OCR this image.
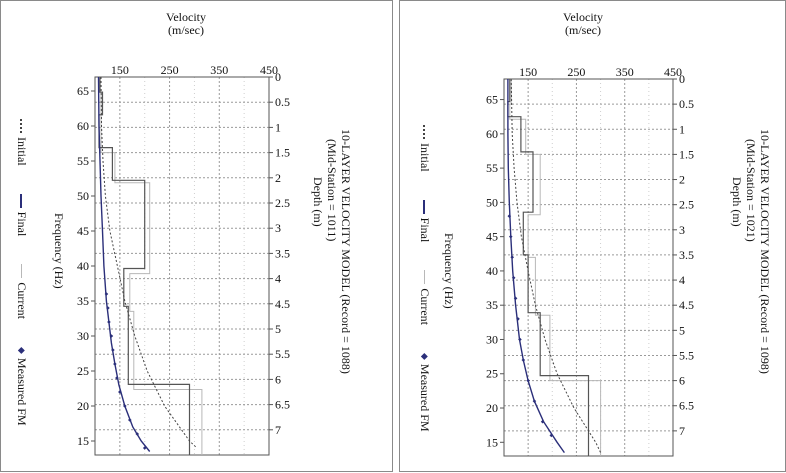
Velocity
(m/sec)
150	250	350	450
0
0.5
1
1.5
2
2.5
3
3.5
4
4.5
5
5.5
6
6.5
7
65
60
55
50
45
40
35
30
25
20
15
Frequency (Hz)
Initial
Final
Current
◆
Measured FM
10-LAYER VELOCITY MODEL (Record = 1088)
(Mid-Station = 1011)
Depth (m)
Velocity
(m/sec)
150	250	350	450
0
0.5
1
1.5
2
2.5
3
3.5
4
4.5
5
5.5
6
6.5
7
65
60
55
50
45
40
35
30
25
20
15
Frequency (Hz)
Initial
Final
Current
◆
Measured FM
10-LAYER VELOCITY MODEL (Record = 1098)
(Mid-Station = 1021)
Depth (m)
